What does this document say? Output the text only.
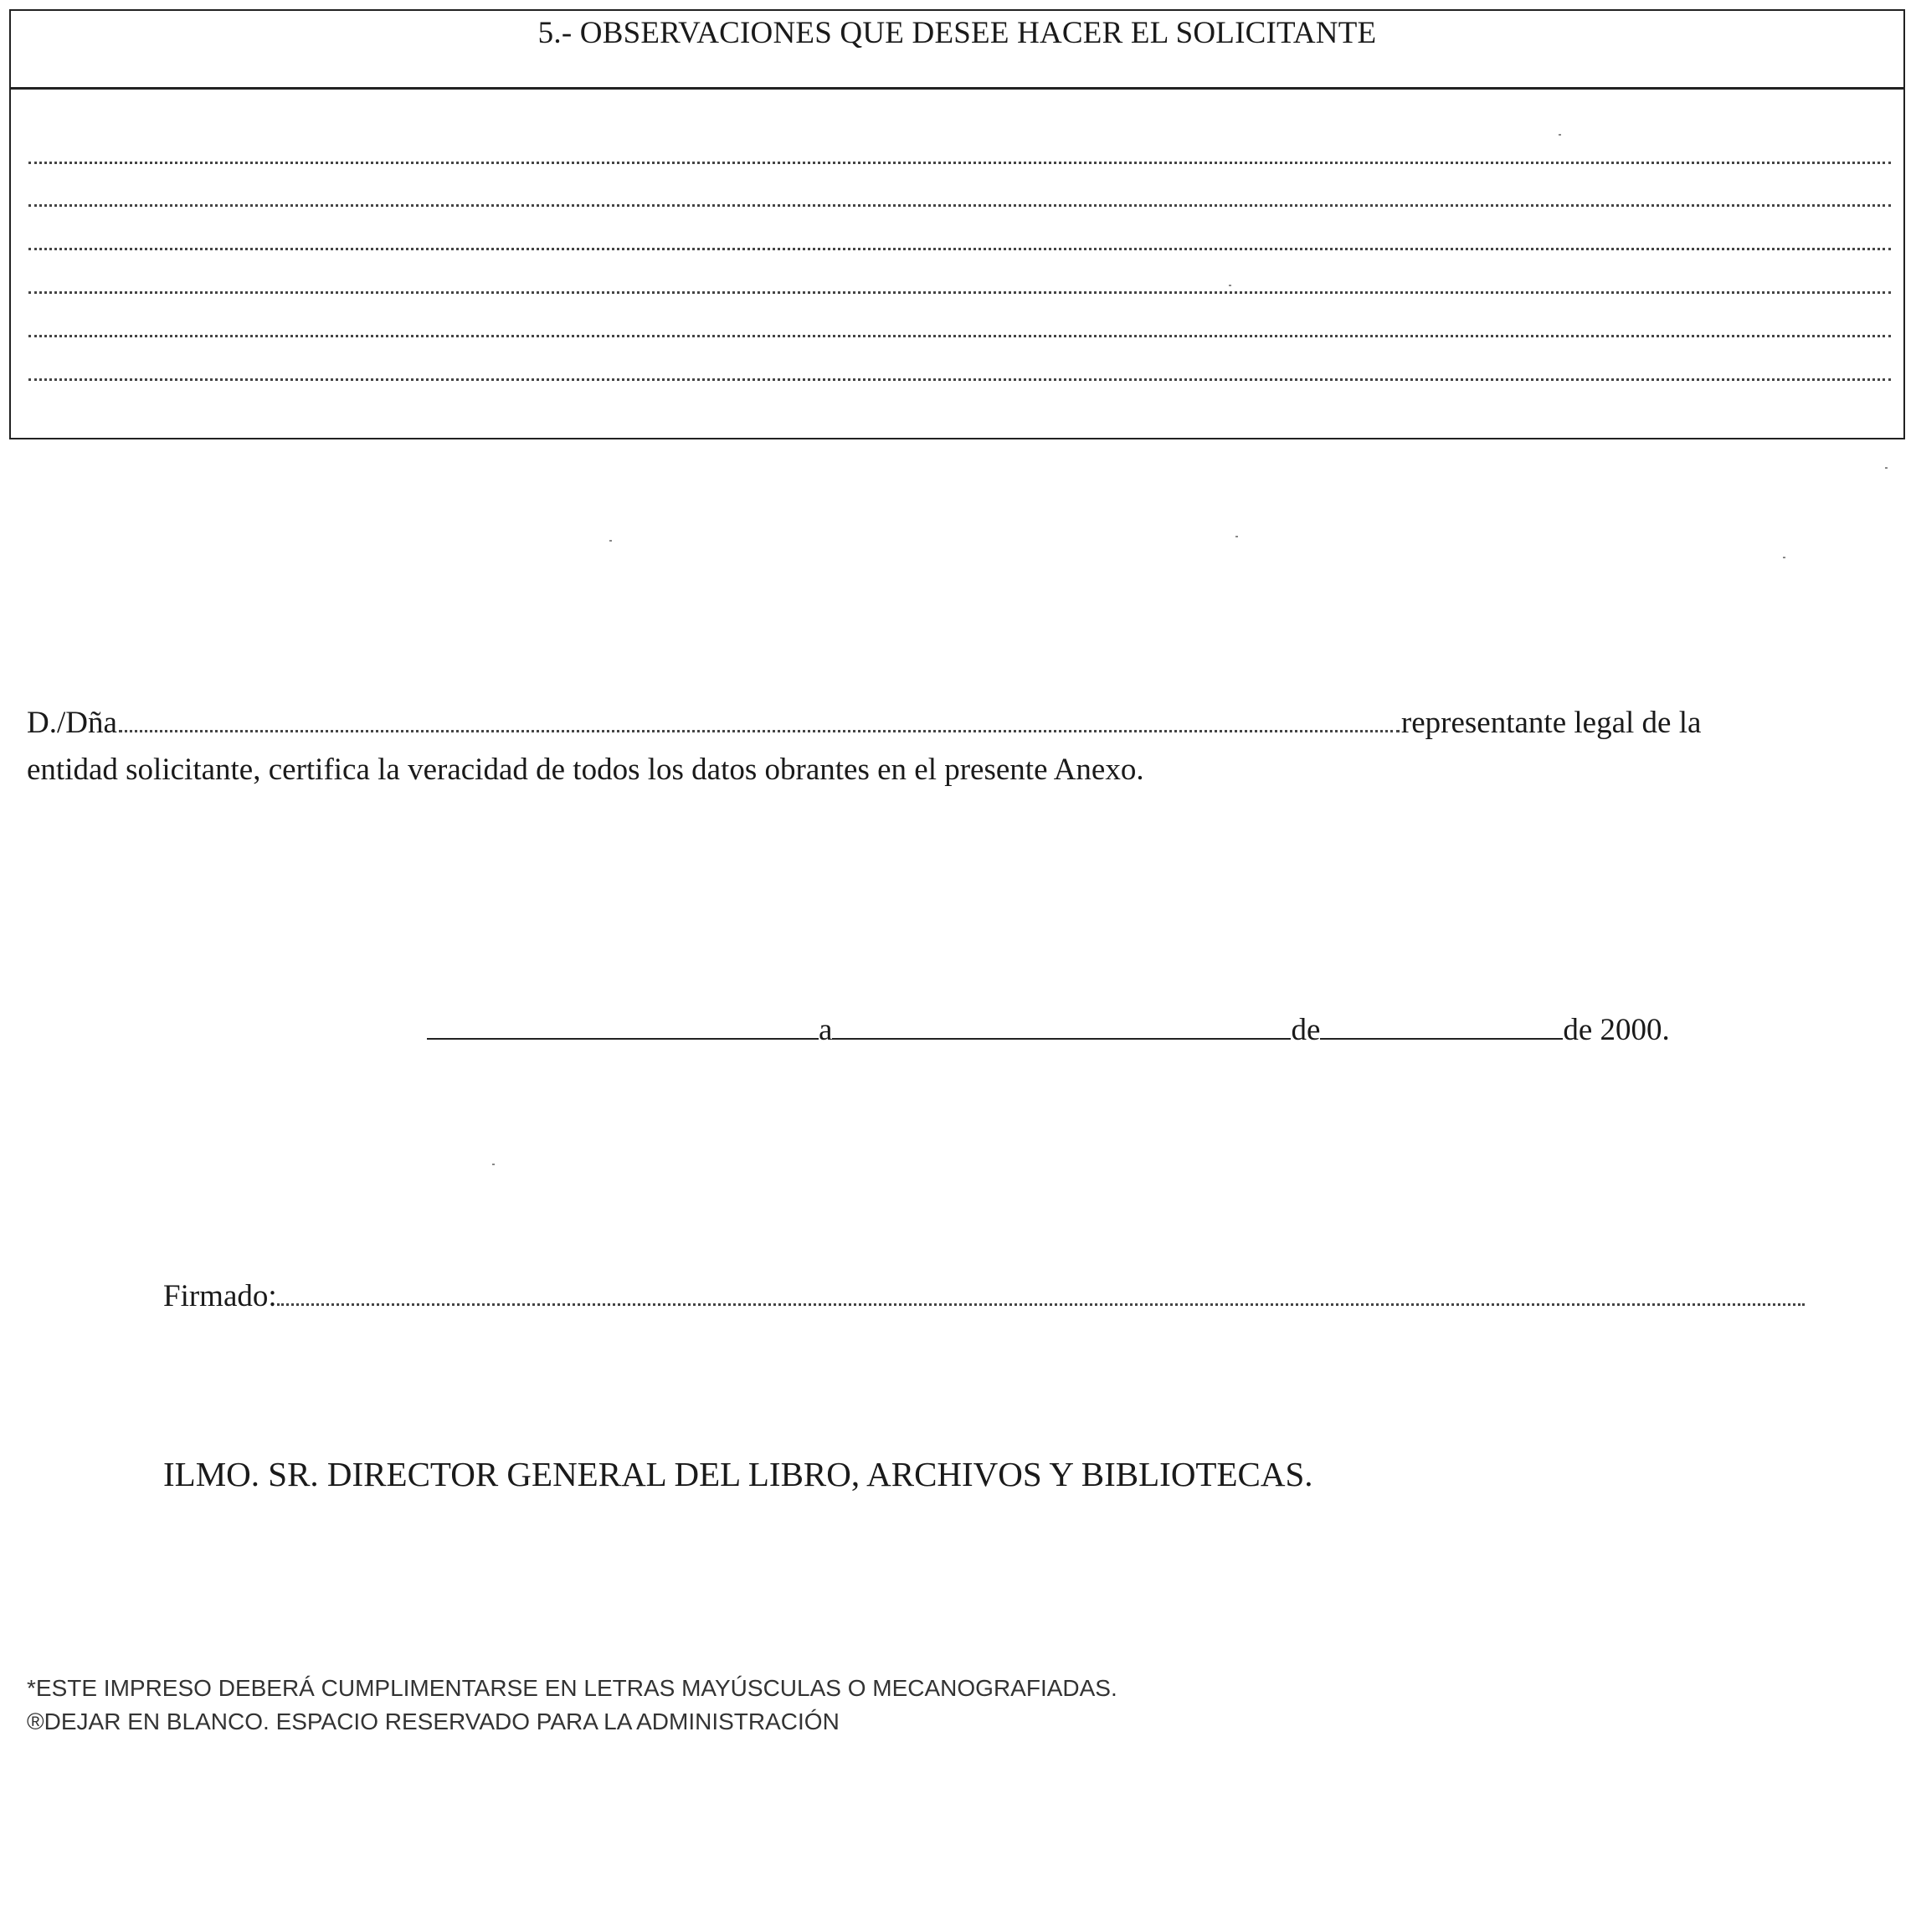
5.- OBSERVACIONES QUE DESEE HACER EL SOLICITANTE
D./Dña	representante legal de la
entidad solicitante, certifica la veracidad de todos los datos obrantes en el presente Anexo.
a	de	de 2000.
Firmado:
ILMO. SR. DIRECTOR GENERAL DEL LIBRO, ARCHIVOS Y BIBLIOTECAS.
*ESTE IMPRESO DEBERÁ CUMPLIMENTARSE EN LETRAS MAYÚSCULAS O MECANOGRAFIADAS.
®DEJAR EN BLANCO. ESPACIO RESERVADO PARA LA ADMINISTRACIÓN
